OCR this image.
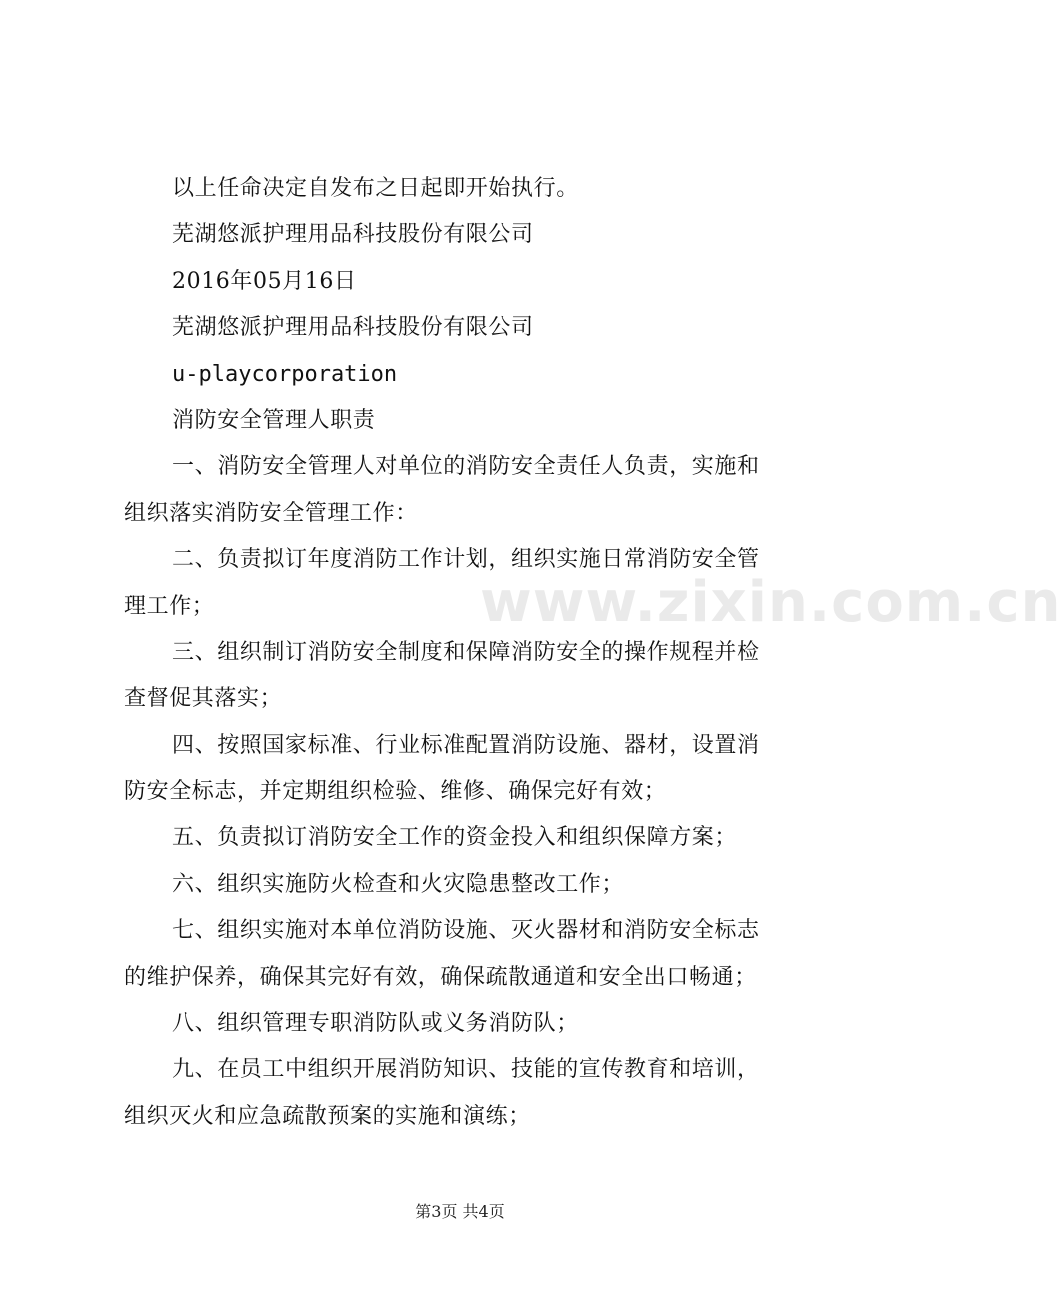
以上任命决定自发布之日起即开始执行。
芜湖悠派护理用品科技股份有限公司
2016年05月16日
芜湖悠派护理用品科技股份有限公司
u-playcorporation
消防安全管理人职责
一、消防安全管理人对单位的消防安全责任人负责，实施和
组织落实消防安全管理工作：
二、负责拟订年度消防工作计划，组织实施日常消防安全管
理工作；
三、组织制订消防安全制度和保障消防安全的操作规程并检
查督促其落实；
四、按照国家标准、行业标准配置消防设施、器材，设置消
防安全标志，并定期组织检验、维修、确保完好有效；
五、负责拟订消防安全工作的资金投入和组织保障方案；
六、组织实施防火检查和火灾隐患整改工作；
七、组织实施对本单位消防设施、灭火器材和消防安全标志
的维护保养，确保其完好有效，确保疏散通道和安全出口畅通；
八、组织管理专职消防队或义务消防队；
九、在员工中组织开展消防知识、技能的宣传教育和培训，
组织灭火和应急疏散预案的实施和演练；
www.zixin.com.cn
第3页 共4页
